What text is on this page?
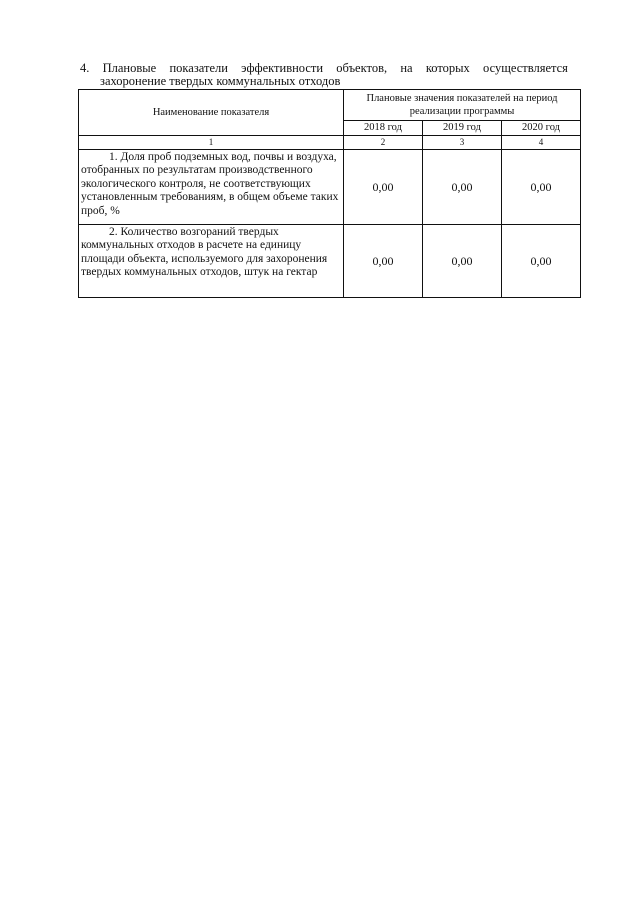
4. Плановые показатели эффективности объектов, на которых осуществляется
захоронение твердых коммунальных отходов
Наименование показателя	Плановые значения показателей на период реализации программы		
	2018 год	2019 год	2020 год
1	2	3	4
1. Доля проб подземных вод, почвы и воздуха, отобранных по результатам производственного экологического контроля, не соответствующих установленным требованиям, в общем объеме таких проб, %	0,00	0,00	0,00
2. Количество возгораний твердых коммунальных отходов в расчете на единицу площади объекта, используемого для захоронения твердых коммунальных отходов, штук на гектар	0,00	0,00	0,00
